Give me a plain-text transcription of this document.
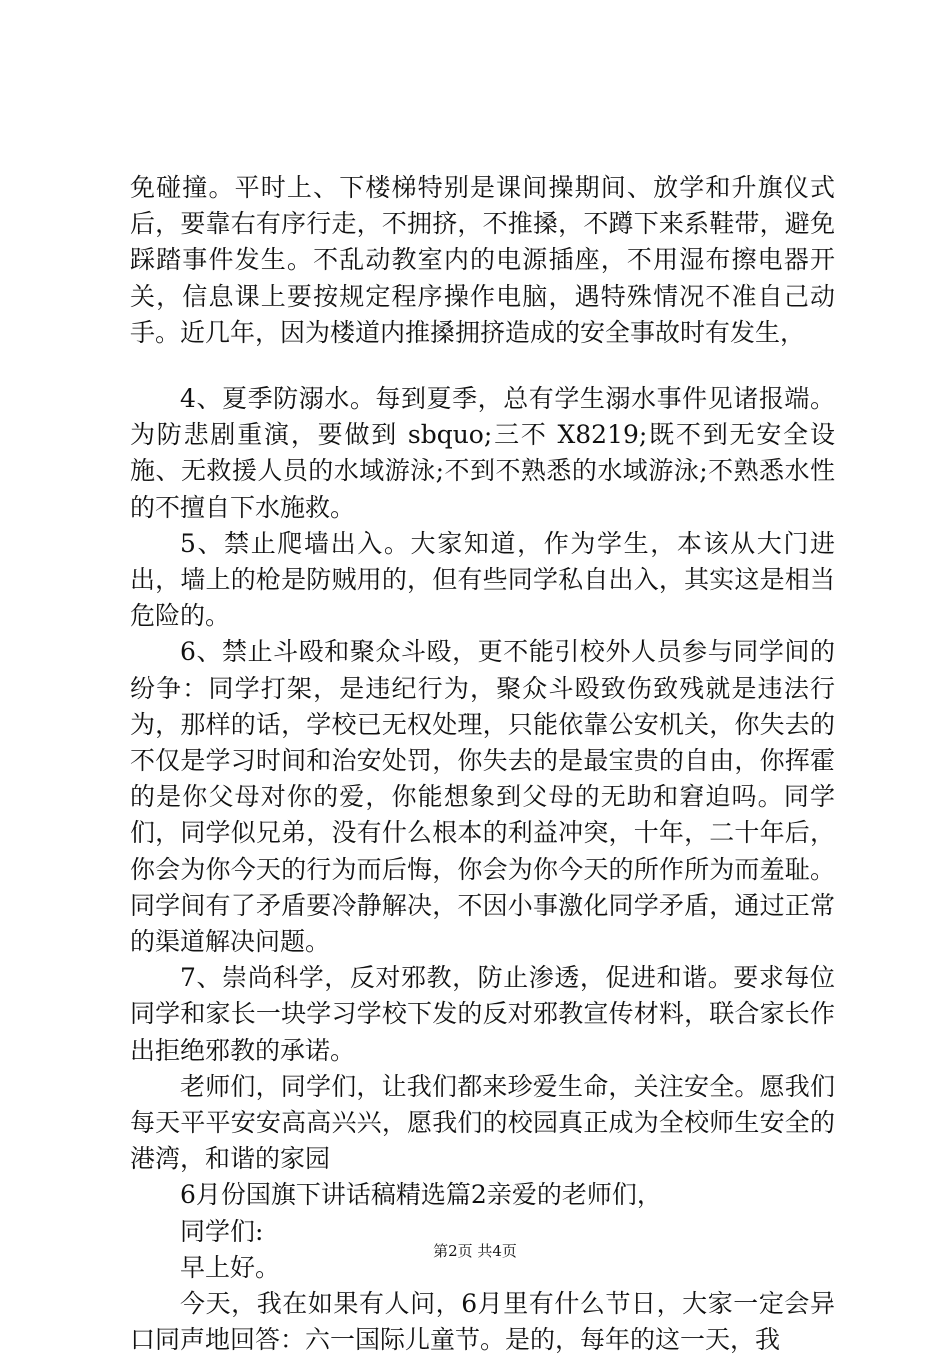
免碰撞。平时上、下楼梯特别是课间操期间、放学和升旗仪式后，要靠右有序行走，不拥挤，不推搡，不蹲下来系鞋带，避免踩踏事件发生。不乱动教室内的电源插座，不用湿布擦电器开关，信息课上要按规定程序操作电脑，遇特殊情况不准自己动手。近几年，因为楼道内推搡拥挤造成的安全事故时有发生，

4、夏季防溺水。每到夏季，总有学生溺水事件见诸报端。为防悲剧重演，要做到 sbquo;三不 X8219;既不到无安全设施、无救援人员的水域游泳;不到不熟悉的水域游泳;不熟悉水性的不擅自下水施救。

5、禁止爬墙出入。大家知道，作为学生，本该从大门进出，墙上的枪是防贼用的，但有些同学私自出入，其实这是相当危险的。

6、禁止斗殴和聚众斗殴，更不能引校外人员参与同学间的纷争：同学打架，是违纪行为，聚众斗殴致伤致残就是违法行为，那样的话，学校已无权处理，只能依靠公安机关，你失去的不仅是学习时间和治安处罚，你失去的是最宝贵的自由，你挥霍的是你父母对你的爱，你能想象到父母的无助和窘迫吗。同学们，同学似兄弟，没有什么根本的利益冲突，十年，二十年后，你会为你今天的行为而后悔，你会为你今天的所作所为而羞耻。同学间有了矛盾要冷静解决，不因小事激化同学矛盾，通过正常的渠道解决问题。

7、崇尚科学，反对邪教，防止渗透，促进和谐。要求每位同学和家长一块学习学校下发的反对邪教宣传材料，联合家长作出拒绝邪教的承诺。

老师们，同学们，让我们都来珍爱生命，关注安全。愿我们每天平平安安高高兴兴，愿我们的校园真正成为全校师生安全的港湾，和谐的家园

6月份国旗下讲话稿精选篇2亲爱的老师们，

同学们:

早上好。

今天，我在如果有人问，6月里有什么节日，大家一定会异口同声地回答：六一国际儿童节。是的，每年的这一天，我

第2页 共4页
